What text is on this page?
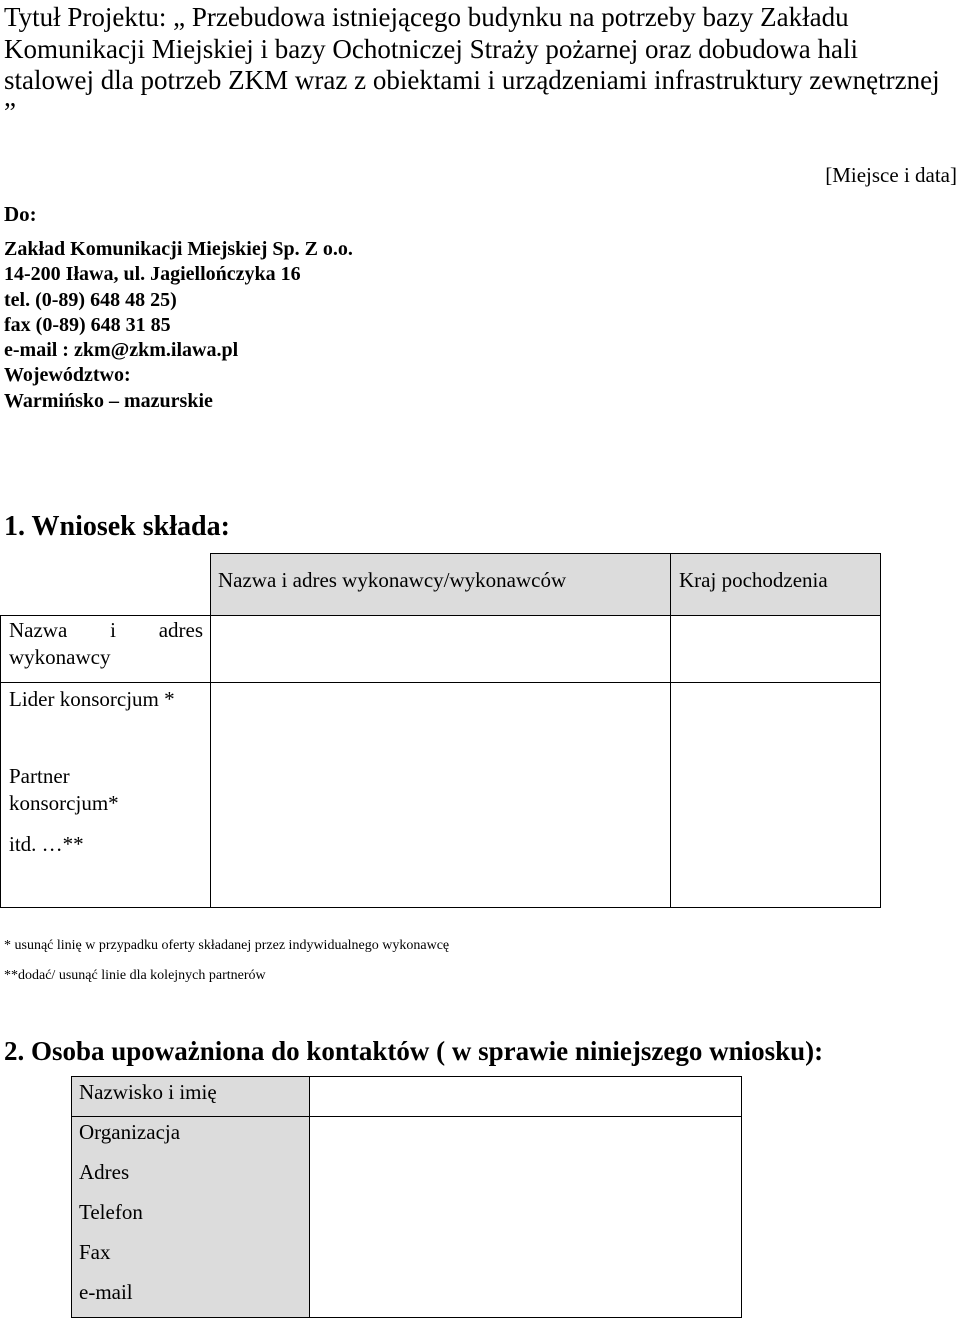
Tytuł Projektu: „ Przebudowa istniejącego budynku na potrzeby bazy Zakładu Komunikacji Miejskiej i bazy Ochotniczej Straży pożarnej oraz dobudowa hali stalowej dla potrzeb ZKM wraz z obiektami i urządzeniami infrastruktury zewnętrznej ”
[Miejsce i data]
Do:
Zakład Komunikacji Miejskiej Sp. Z o.o.
14-200 Iława, ul. Jagiellończyka 16
tel. (0-89) 648 48 25)
fax (0-89) 648 31 85
e-mail : zkm@zkm.ilawa.pl
Województwo:
Warmińsko – mazurskie
1. Wniosek składa:
Nazwa i adres wykonawcy/wykonawców	Kraj pochodzenia
Nazwa i adres wykonawcy
Lider konsorcjum *
Partner konsorcjum*
itd. …**
* usunąć linię w przypadku oferty składanej przez indywidualnego wykonawcę
**dodać/ usunąć linie dla kolejnych partnerów
2. Osoba upoważniona do kontaktów ( w sprawie niniejszego wniosku):
Nazwisko i imię
Organizacja
Adres
Telefon
Fax
e-mail
